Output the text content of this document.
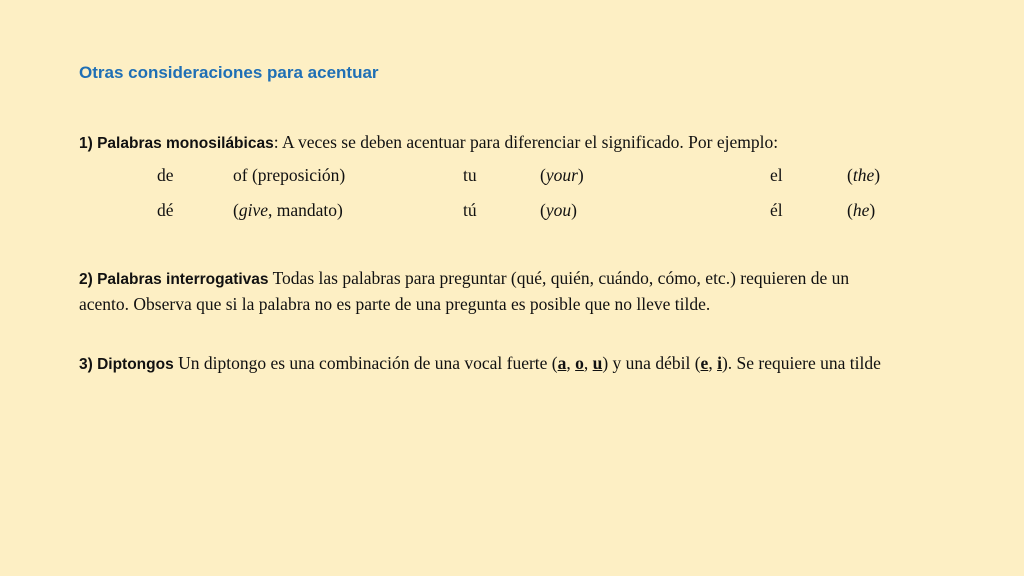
Otras consideraciones para acentuar
1) Palabras monosilábicas: A veces se deben acentuar para diferenciar el significado. Por ejemplo:
de	of (preposición)	tu	(your)	el	(the)
dé	(give, mandato)	tú	(you)	él	(he)
2) Palabras interrogativas Todas las palabras para preguntar (qué, quién, cuándo, cómo, etc.) requieren de un acento. Observa que si la palabra no es parte de una pregunta es posible que no lleve tilde.
3) Diptongos Un diptongo es una combinación de una vocal fuerte (a, o, u) y una débil (e, i). Se requiere una tilde
